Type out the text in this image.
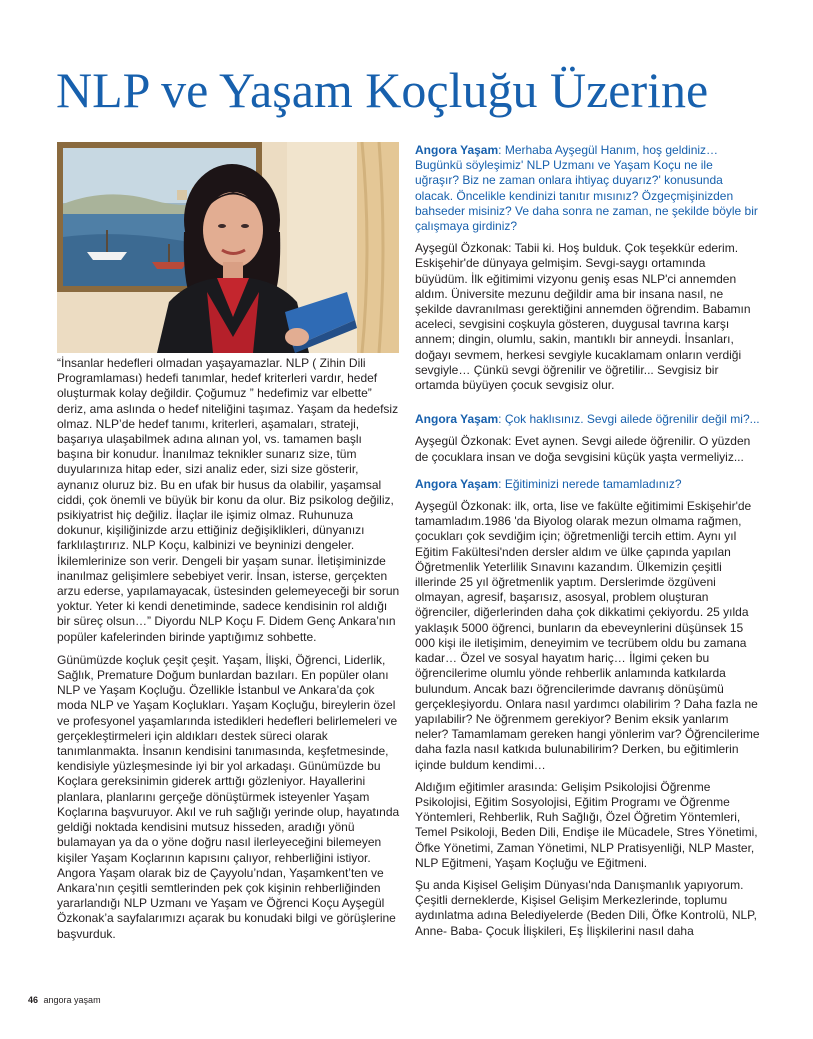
NLP ve Yaşam Koçluğu Üzerine

“İnsanlar hedefleri olmadan yaşayamazlar. NLP ( Zihin Dili Programlaması) hedefi tanımlar, hedef kriterleri vardır, hedef oluşturmak kolay değildir. Çoğumuz ” hedefimiz var elbette” deriz, ama aslında o hedef niteliğini taşımaz. Yaşam da hedefsiz olmaz. NLP’de hedef tanımı, kriterleri, aşamaları, strateji, başarıya ulaşabilmek adına alınan yol, vs. tamamen başlı başına bir konudur. İnanılmaz teknikler sunarız size, tüm duyularınıza hitap eder, sizi analiz eder, sizi size gösterir, aynanız oluruz biz. Bu en ufak bir husus da olabilir, yaşamsal ciddi, çok önemli ve büyük bir konu da olur. Biz psikolog değiliz, psikiyatrist hiç değiliz. İlaçlar ile işimiz olmaz. Ruhunuza dokunur, kişiliğinizde arzu ettiğiniz değişiklikleri, dünyanızı farklılaştırırız. NLP Koçu, kalbinizi ve beyninizi dengeler. İkilemlerinize son verir. Dengeli bir yaşam sunar. İletişiminizde inanılmaz gelişimlere sebebiyet verir. İnsan, isterse, gerçekten arzu ederse, yapılamayacak, üstesinden gelemeyeceği bir sorun yoktur. Yeter ki kendi denetiminde, sadece kendisinin rol aldığı bir süreç olsun…” Diyordu NLP Koçu F. Didem Genç Ankara’nın popüler kafelerinden birinde yaptığımız sohbette.

Günümüzde koçluk çeşit çeşit. Yaşam, İlişki, Öğrenci, Liderlik, Sağlık, Premature Doğum bunlardan bazıları. En popüler olanı NLP ve Yaşam Koçluğu. Özellikle İstanbul ve Ankara’da çok moda NLP ve Yaşam Koçlukları. Yaşam Koçluğu, bireylerin özel ve profesyonel yaşamlarında istedikleri hedefleri belirlemeleri ve gerçekleştirmeleri için aldıkları destek süreci olarak tanımlanmakta. İnsanın kendisini tanımasında, keşfetmesinde, kendisiyle yüzleşmesinde iyi bir yol arkadaşı. Günümüzde bu Koçlara gereksinimin giderek arttığı gözleniyor. Hayallerini planlara, planlarını gerçeğe dönüştürmek isteyenler Yaşam Koçlarına başvuruyor. Akıl ve ruh sağlığı yerinde olup, hayatında geldiği noktada kendisini mutsuz hisseden, aradığı yönü bulamayan ya da o yöne doğru nasıl ilerleyeceğini bilemeyen kişiler Yaşam Koçlarının kapısını çalıyor, rehberliğini istiyor. Angora Yaşam olarak biz de Çayyolu’ndan, Yaşamkent’ten ve Ankara’nın çeşitli semtlerinden pek çok kişinin rehberliğinden yararlandığı NLP Uzmanı ve Yaşam ve Öğrenci Koçu Ayşegül Özkonak’a sayfalarımızı açarak bu konudaki bilgi ve görüşlerine başvurduk.

Angora Yaşam: Merhaba Ayşegül Hanım, hoş geldiniz… Bugünkü söyleşimiz' NLP Uzmanı ve Yaşam Koçu ne ile uğraşır? Biz ne zaman onlara ihtiyaç duyarız?' konusunda olacak. Öncelikle kendinizi tanıtır mısınız? Özgeçmişinizden bahseder misiniz? Ve daha sonra ne zaman, ne şekilde böyle bir çalışmaya girdiniz?

Ayşegül Özkonak: Tabii ki. Hoş bulduk. Çok teşekkür ederim. Eskişehir'de dünyaya gelmişim. Sevgi-saygı ortamında büyüdüm. İlk eğitimimi vizyonu geniş esas NLP'ci annemden aldım. Üniversite mezunu değildir ama bir insana nasıl, ne şekilde davranılması gerektiğini annemden öğrendim. Babamın aceleci, sevgisini coşkuyla gösteren, duygusal tavrına karşı annem; dingin, olumlu, sakin, mantıklı bir anneydi. İnsanları, doğayı sevmem, herkesi sevgiyle kucaklamam onların verdiği sevgiyle… Çünkü sevgi öğrenilir ve öğretilir... Sevgisiz bir ortamda büyüyen çocuk sevgisiz olur.

Angora Yaşam: Çok haklısınız. Sevgi ailede öğrenilir değil mi?...

Ayşegül Özkonak: Evet aynen. Sevgi ailede öğrenilir. O yüzden de çocuklara insan ve doğa sevgisini küçük yaşta vermeliyiz...

Angora Yaşam: Eğitiminizi nerede tamamladınız?

Ayşegül Özkonak: ilk, orta, lise ve fakülte eğitimimi Eskişehir'de tamamladım.1986 'da Biyolog olarak mezun olmama rağmen, çocukları çok sevdiğim için; öğretmenliği tercih ettim. Aynı yıl Eğitim Fakültesi'nden dersler aldım ve ülke çapında yapılan Öğretmenlik Yeterlilik Sınavını kazandım. Ülkemizin çeşitli illerinde 25 yıl öğretmenlik yaptım. Derslerimde özgüveni olmayan, agresif, başarısız, asosyal, problem oluşturan öğrenciler, diğerlerinden daha çok dikkatimi çekiyordu. 25 yılda yaklaşık 5000 öğrenci, bunların da ebeveynlerini düşünsek 15 000 kişi ile iletişimim, deneyimim ve tecrübem oldu bu zamana kadar… Özel ve sosyal hayatım hariç… İlgimi çeken bu öğrencilerime olumlu yönde rehberlik anlamında katkılarda bulundum. Ancak bazı öğrencilerimde davranış dönüşümü gerçekleşiyordu. Onlara nasıl yardımcı olabilirim ? Daha fazla ne yapılabilir? Ne öğrenmem gerekiyor? Benim eksik yanlarım neler? Tamamlamam gereken hangi yönlerim var? Öğrencilerime daha fazla nasıl katkıda bulunabilirim? Derken, bu eğitimlerin içinde buldum kendimi…

Aldığım eğitimler arasında: Gelişim Psikolojisi Öğrenme Psikolojisi, Eğitim Sosyolojisi, Eğitim Programı ve Öğrenme Yöntemleri, Rehberlik, Ruh Sağlığı, Özel Öğretim Yöntemleri, Temel Psikoloji, Beden Dili, Endişe ile Mücadele, Stres Yönetimi, Öfke Yönetimi, Zaman Yönetimi, NLP Pratisyenliği, NLP Master, NLP Eğitmeni, Yaşam Koçluğu ve Eğitmeni.

Şu anda Kişisel Gelişim Dünyası'nda Danışmanlık yapıyorum. Çeşitli derneklerde, Kişisel Gelişim Merkezlerinde, toplumu aydınlatma adına Belediyelerde (Beden Dili, Öfke Kontrolü, NLP, Anne- Baba- Çocuk İlişkileri, Eş İlişkilerini nasıl daha

46 angora yaşam
